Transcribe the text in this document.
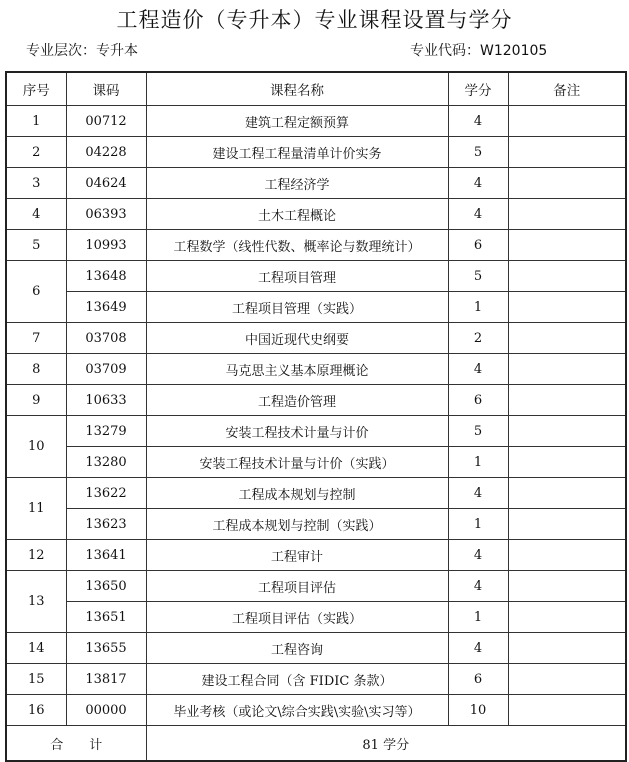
工程造价（专升本）专业课程设置与学分
专业层次：专升本	专业代码：W120105
序号	课码	课程名称	学分	备注
1	00712	建筑工程定额预算	4	
2	04228	建设工程工程量清单计价实务	5	
3	04624	工程经济学	4	
4	06393	土木工程概论	4	
5	10993	工程数学（线性代数、概率论与数理统计）	6	
6	13648	工程项目管理	5	
	13649	工程项目管理（实践）	1	
7	03708	中国近现代史纲要	2	
8	03709	马克思主义基本原理概论	4	
9	10633	工程造价管理	6	
10	13279	安装工程技术计量与计价	5	
	13280	安装工程技术计量与计价（实践）	1	
11	13622	工程成本规划与控制	4	
	13623	工程成本规划与控制（实践）	1	
12	13641	工程审计	4	
13	13650	工程项目评估	4	
	13651	工程项目评估（实践）	1	
14	13655	工程咨询	4	
15	13817	建设工程合同（含 FIDIC 条款）	6	
16	00000	毕业考核（或论文\综合实践\实验\实习等）	10	
合　　计		81 学分		
